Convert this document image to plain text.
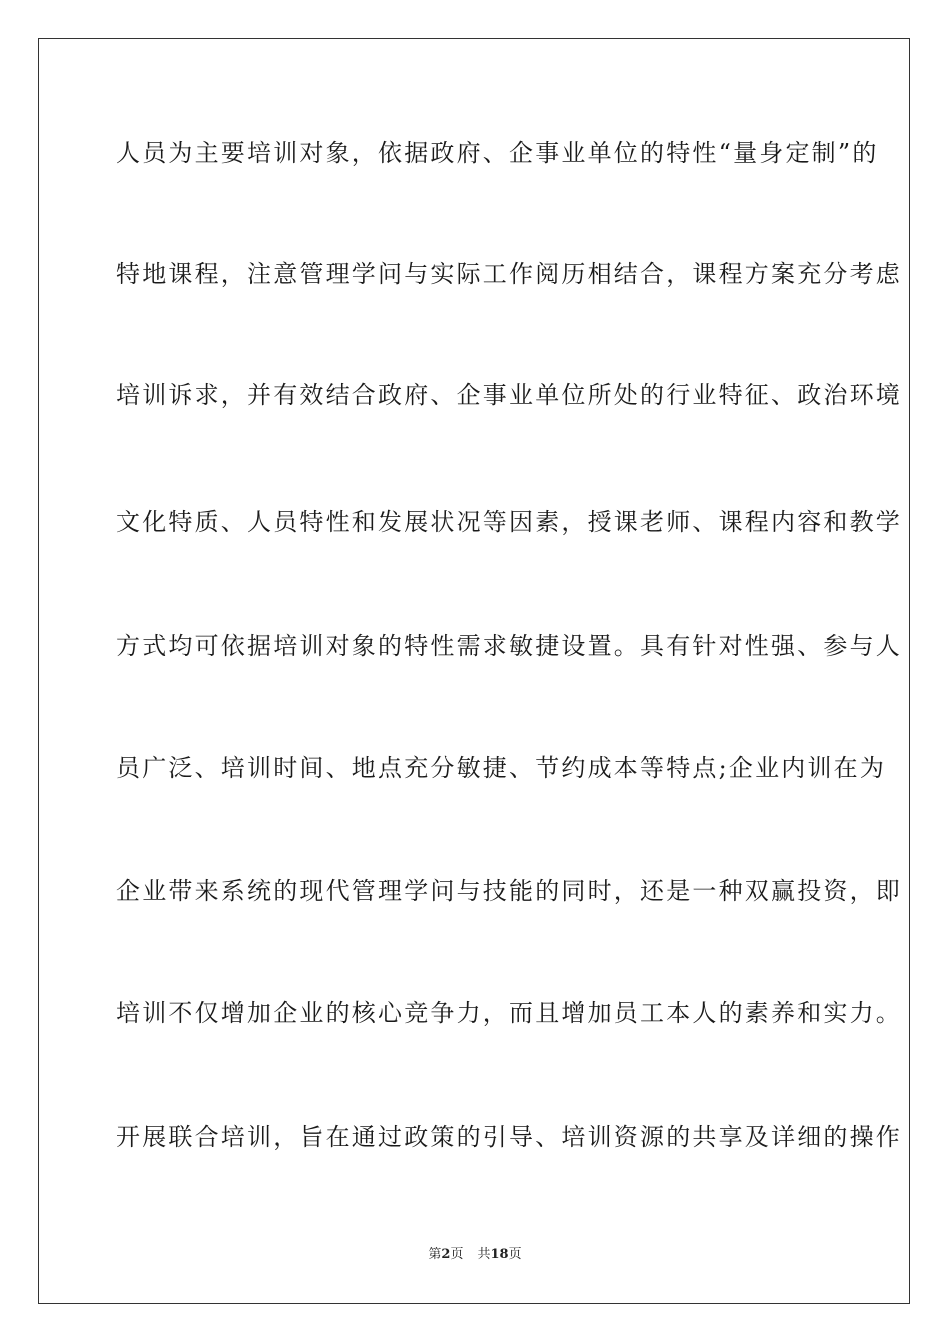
人员为主要培训对象，依据政府、企事业单位的特性“量身定制”的
特地课程，注意管理学问与实际工作阅历相结合，课程方案充分考虑
培训诉求，并有效结合政府、企事业单位所处的行业特征、政治环境
文化特质、人员特性和发展状况等因素，授课老师、课程内容和教学
方式均可依据培训对象的特性需求敏捷设置。具有针对性强、参与人
员广泛、培训时间、地点充分敏捷、节约成本等特点;企业内训在为
企业带来系统的现代管理学问与技能的同时，还是一种双赢投资，即
培训不仅增加企业的核心竞争力，而且增加员工本人的素养和实力。
开展联合培训，旨在通过政策的引导、培训资源的共享及详细的操作
第2页 共18页
